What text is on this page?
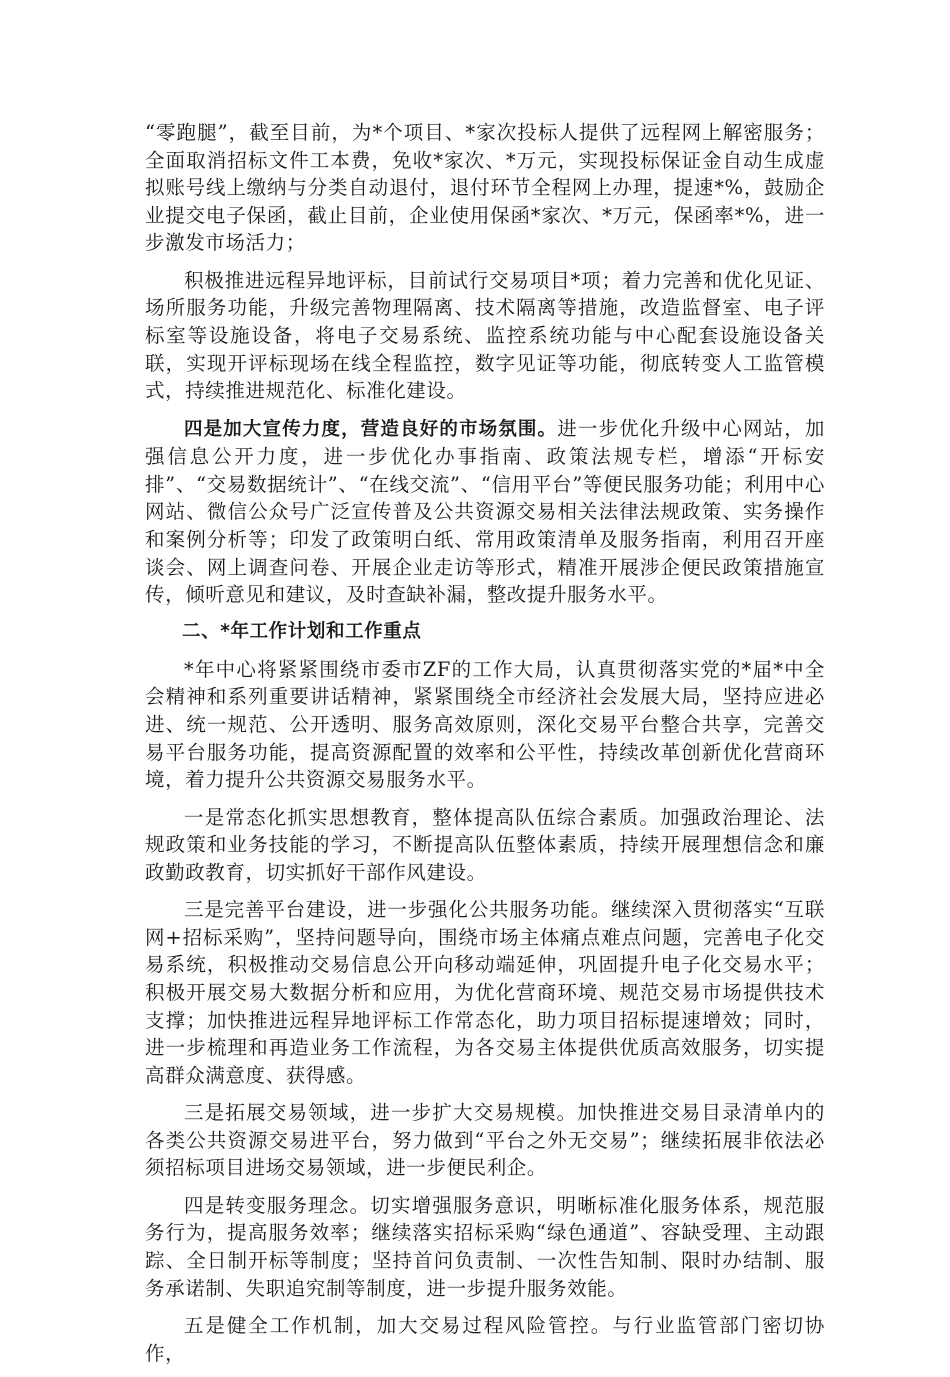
“零跑腿”，截至目前，为*个项目、*家次投标人提供了远程网上解密服务；全面取消招标文件工本费，免收*家次、*万元，实现投标保证金自动生成虚拟账号线上缴纳与分类自动退付，退付环节全程网上办理，提速*%，鼓励企业提交电子保函，截止目前，企业使用保函*家次、*万元，保函率*%，进一步激发市场活力；

积极推进远程异地评标，目前试行交易项目*项；着力完善和优化见证、场所服务功能，升级完善物理隔离、技术隔离等措施，改造监督室、电子评标室等设施设备，将电子交易系统、监控系统功能与中心配套设施设备关联，实现开评标现场在线全程监控，数字见证等功能，彻底转变人工监管模式，持续推进规范化、标准化建设。

四是加大宣传力度，营造良好的市场氛围。进一步优化升级中心网站，加强信息公开力度，进一步优化办事指南、政策法规专栏，增添“开标安排”、“交易数据统计”、“在线交流”、“信用平台”等便民服务功能；利用中心网站、微信公众号广泛宣传普及公共资源交易相关法律法规政策、实务操作和案例分析等；印发了政策明白纸、常用政策清单及服务指南，利用召开座谈会、网上调查问卷、开展企业走访等形式，精准开展涉企便民政策措施宣传，倾听意见和建议，及时查缺补漏，整改提升服务水平。

二、*年工作计划和工作重点

*年中心将紧紧围绕市委市ZF的工作大局，认真贯彻落实党的*届*中全会精神和系列重要讲话精神，紧紧围绕全市经济社会发展大局，坚持应进必进、统一规范、公开透明、服务高效原则，深化交易平台整合共享，完善交易平台服务功能，提高资源配置的效率和公平性，持续改革创新优化营商环境，着力提升公共资源交易服务水平。

一是常态化抓实思想教育，整体提高队伍综合素质。加强政治理论、法规政策和业务技能的学习，不断提高队伍整体素质，持续开展理想信念和廉政勤政教育，切实抓好干部作风建设。

三是完善平台建设，进一步强化公共服务功能。继续深入贯彻落实“互联网+招标采购”，坚持问题导向，围绕市场主体痛点难点问题，完善电子化交易系统，积极推动交易信息公开向移动端延伸，巩固提升电子化交易水平；积极开展交易大数据分析和应用，为优化营商环境、规范交易市场提供技术支撑；加快推进远程异地评标工作常态化，助力项目招标提速增效；同时，进一步梳理和再造业务工作流程，为各交易主体提供优质高效服务，切实提高群众满意度、获得感。

三是拓展交易领域，进一步扩大交易规模。加快推进交易目录清单内的各类公共资源交易进平台，努力做到“平台之外无交易”；继续拓展非依法必须招标项目进场交易领域，进一步便民利企。

四是转变服务理念。切实增强服务意识，明晰标准化服务体系，规范服务行为，提高服务效率；继续落实招标采购“绿色通道”、容缺受理、主动跟踪、全日制开标等制度；坚持首问负责制、一次性告知制、限时办结制、服务承诺制、失职追究制等制度，进一步提升服务效能。

五是健全工作机制，加大交易过程风险管控。与行业监管部门密切协作，
